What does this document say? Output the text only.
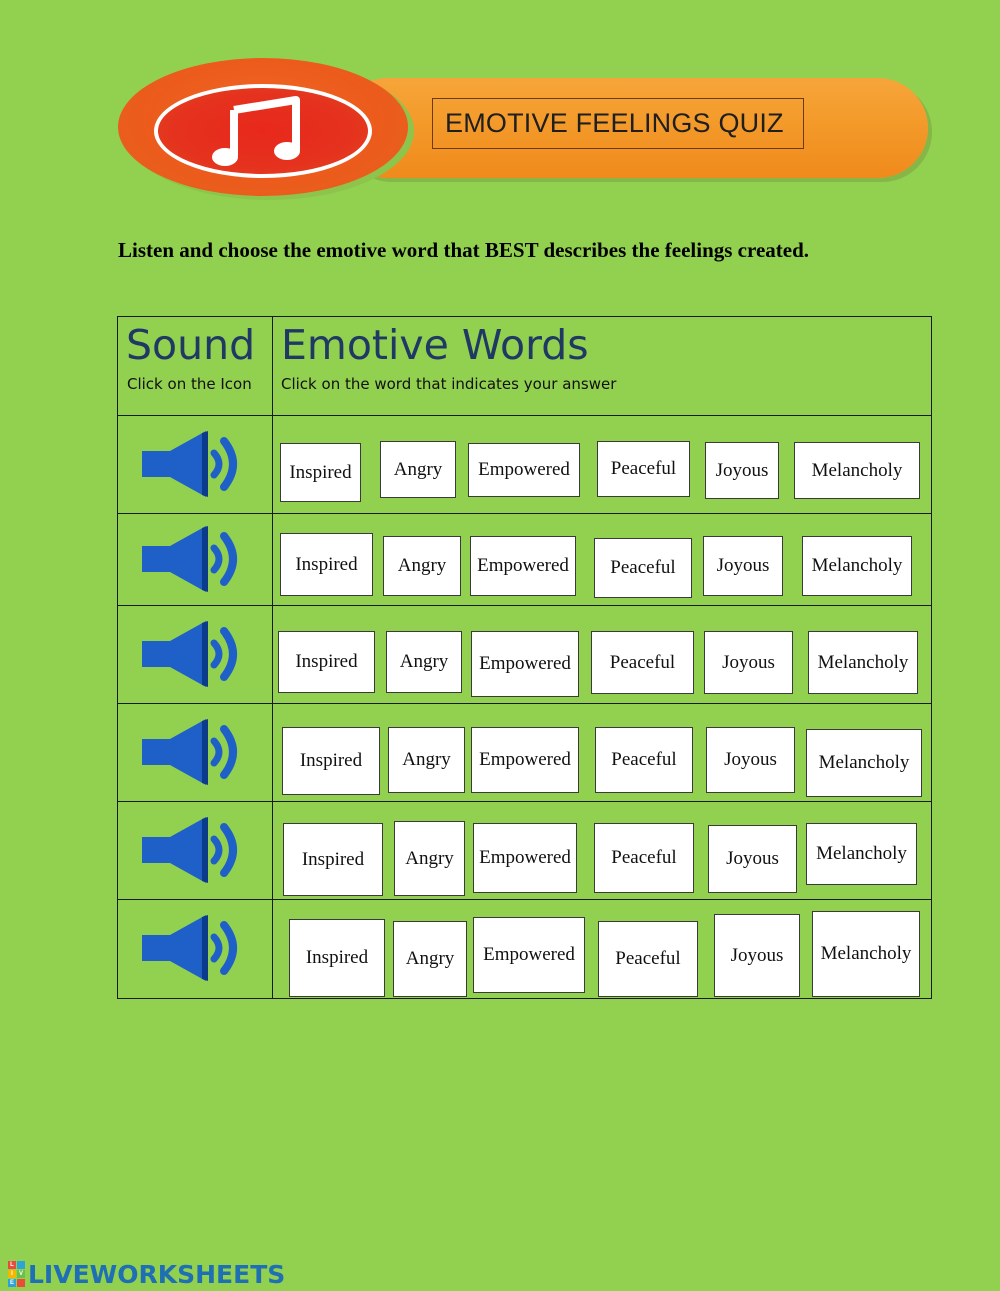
EMOTIVE FEELINGS QUIZ
Listen and choose the emotive word that BEST describes the feelings created.
Sound
Click on the Icon
Emotive Words
Click on the word that indicates your answer
Inspired	Angry	Empowered	Peaceful	Joyous	Melancholy
Inspired	Angry	Empowered	Peaceful	Joyous	Melancholy
Inspired	Angry	Empowered	Peaceful	Joyous	Melancholy
Inspired	Angry	Empowered	Peaceful	Joyous	Melancholy
Inspired	Angry	Empowered	Peaceful	Joyous	Melancholy
Inspired	Angry	Empowered	Peaceful	Joyous	Melancholy
L
I	V
E LIVEWORKSHEETS
